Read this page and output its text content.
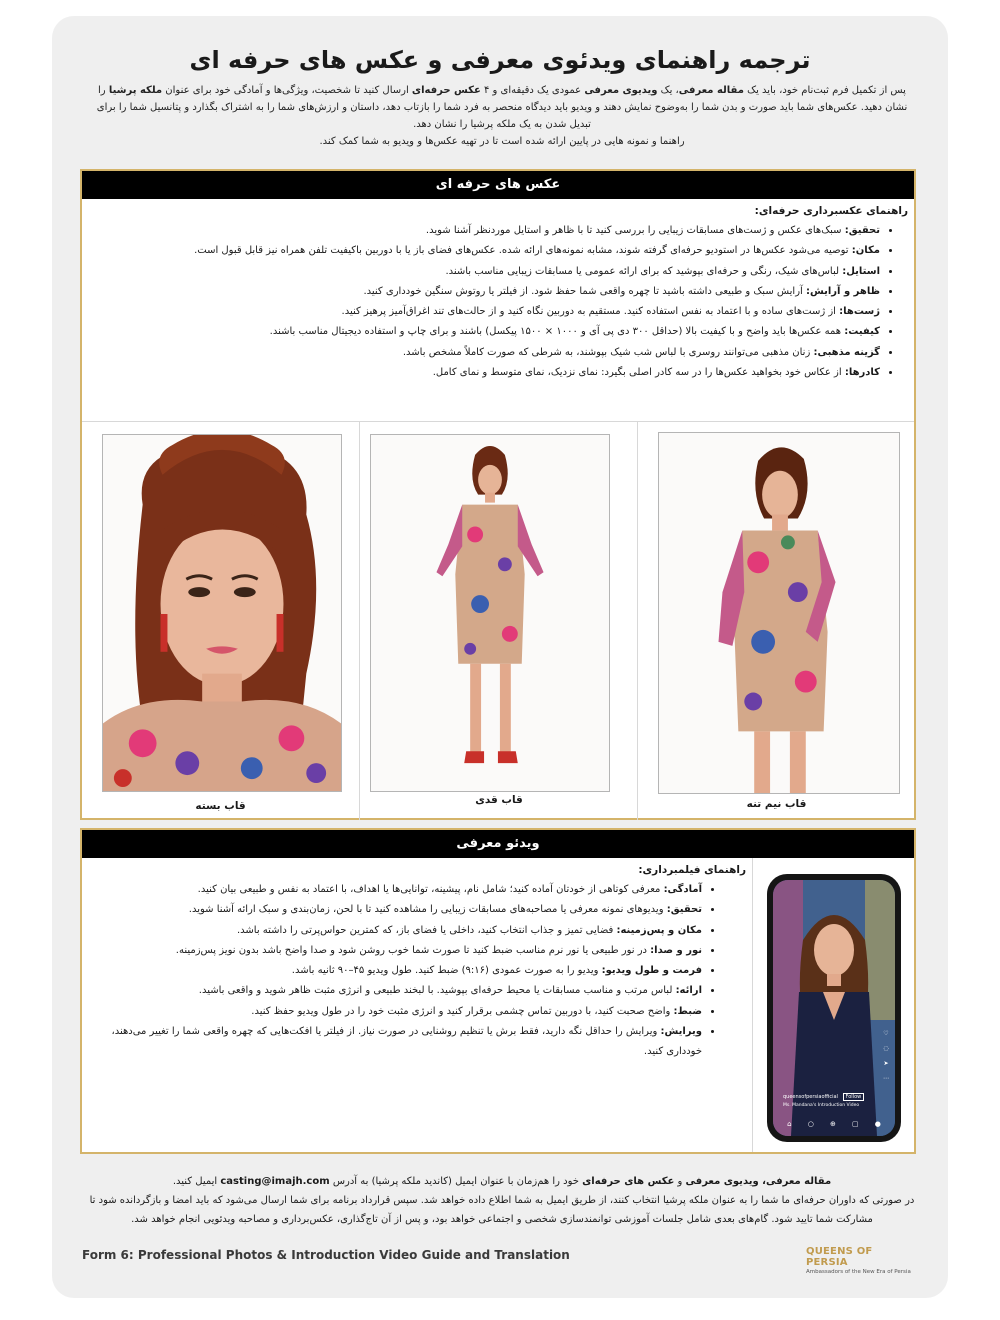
ترجمه راهنمای ویدئوی معرفی و عکس های حرفه ای

پس از تکمیل فرم ثبت‌نام خود، باید یک مقاله معرفی، یک ویدیوی معرفی عمودی یک دقیقه‌ای و ۴ عکس حرفه‌ای ارسال کنید تا شخصیت، ویژگی‌ها و آمادگی خود برای عنوان ملکه پرشیا را نشان دهید. عکس‌های شما باید صورت و بدن شما را به‌وضوح نمایش دهند و ویدیو باید دیدگاه منحصر به فرد شما را بازتاب دهد، داستان و ارزش‌های شما را به اشتراک بگذارد و پتانسیل شما را برای تبدیل شدن به یک ملکه پرشیا را نشان دهد.

راهنما و نمونه هایی در پایین ارائه شده است تا در تهیه عکس‌ها و ویدیو به شما کمک کند.

عکس های حرفه ای
راهنمای عکسبرداری حرفه‌ای:
• تحقیق: سبک‌های عکس و ژست‌های مسابقات زیبایی را بررسی کنید تا با ظاهر و استایل موردنظر آشنا شوید.
• مکان: توصیه می‌شود عکس‌ها در استودیو حرفه‌ای گرفته شوند، مشابه نمونه‌های ارائه شده. عکس‌های فضای باز یا با دوربین باکیفیت تلفن همراه نیز قابل قبول است.
• استایل: لباس‌های شیک، رنگی و حرفه‌ای بپوشید که برای ارائه عمومی یا مسابقات زیبایی مناسب باشند.
• ظاهر و آرایش: آرایش سبک و طبیعی داشته باشید تا چهره واقعی شما حفظ شود. از فیلتر یا روتوش سنگین خودداری کنید.
• ژست‌ها: از ژست‌های ساده و با اعتماد به نفس استفاده کنید. مستقیم به دوربین نگاه کنید و از حالت‌های تند اغراق‌آمیز پرهیز کنید.
• کیفیت: همه عکس‌ها باید واضح و با کیفیت بالا (حداقل ۳۰۰ دی پی آی و ۱۰۰۰ × ۱۵۰۰ پیکسل) باشند و برای چاپ و استفاده دیجیتال مناسب باشند.
• گزینه مذهبی: زنان مذهبی می‌توانند روسری با لباس شب شیک بپوشند، به شرطی که صورت کاملاً مشخص باشد.
• کادرها: از عکاس خود بخواهید عکس‌ها را در سه کادر اصلی بگیرد: نمای نزدیک، نمای متوسط و نمای کامل.
قاب بسته	قاب قدی	قاب نیم تنه
ویدئو معرفی
راهنمای فیلمبرداری:
• آمادگی: معرفی کوتاهی از خودتان آماده کنید؛ شامل نام، پیشینه، توانایی‌ها یا اهداف، با اعتماد به نفس و طبیعی بیان کنید.
• تحقیق: ویدیوهای نمونه معرفی یا مصاحبه‌های مسابقات زیبایی را مشاهده کنید تا با لحن، زمان‌بندی و سبک ارائه آشنا شوید.
• مکان و پس‌زمینه: فضایی تمیز و جذاب انتخاب کنید، داخلی یا فضای باز، که کمترین حواس‌پرتی را داشته باشد.
• نور و صدا: در نور طبیعی یا نور نرم مناسب ضبط کنید تا صورت شما خوب روشن شود و صدا واضح باشد بدون نویز پس‌زمینه.
• فرمت و طول ویدیو: ویدیو را به صورت عمودی (۹:۱۶) ضبط کنید. طول ویدیو ۴۵–۹۰ ثانیه باشد.
• ارائه: لباس مرتب و مناسب مسابقات یا محیط حرفه‌ای بپوشید. با لبخند طبیعی و انرژی مثبت ظاهر شوید و واقعی باشید.
• ضبط: واضح صحبت کنید، با دوربین تماس چشمی برقرار کنید و انرژی مثبت خود را در طول ویدیو حفظ کنید.
• ویرایش: ویرایش را حداقل نگه دارید، فقط برش یا تنظیم روشنایی در صورت نیاز. از فیلتر یا افکت‌هایی که چهره واقعی شما را تغییر می‌دهند، خودداری کنید.
queensofpersiaofficial Follow
Ms. Mandana's Introduction Video
⌂ ○ ⊕ ▢ ●
♡
◌
➤
⋯

مقاله معرفی، ویدیوی معرفی و عکس های حرفه‌ای خود را هم‌زمان با عنوان ایمیل (کاندید ملکه پرشیا) به آدرس casting@imajh.com ایمیل کنید.

در صورتی که داوران حرفه‌ای ما شما را به عنوان ملکه پرشیا انتخاب کنند، از طریق ایمیل به شما اطلاع داده خواهد شد. سپس قرارداد برنامه برای شما ارسال می‌شود که باید امضا و بازگردانده شود تا مشارکت شما تایید شود. گام‌های بعدی شامل جلسات آموزشی توانمندسازی شخصی و اجتماعی خواهد بود، و پس از آن تاج‌گذاری، عکس‌برداری و مصاحبه ویدئویی انجام خواهد شد.

Form 6: Professional Photos & Introduction Video Guide and Translation	QUEENS OF PERSIA
Ambassadors of the New Era of Persia
